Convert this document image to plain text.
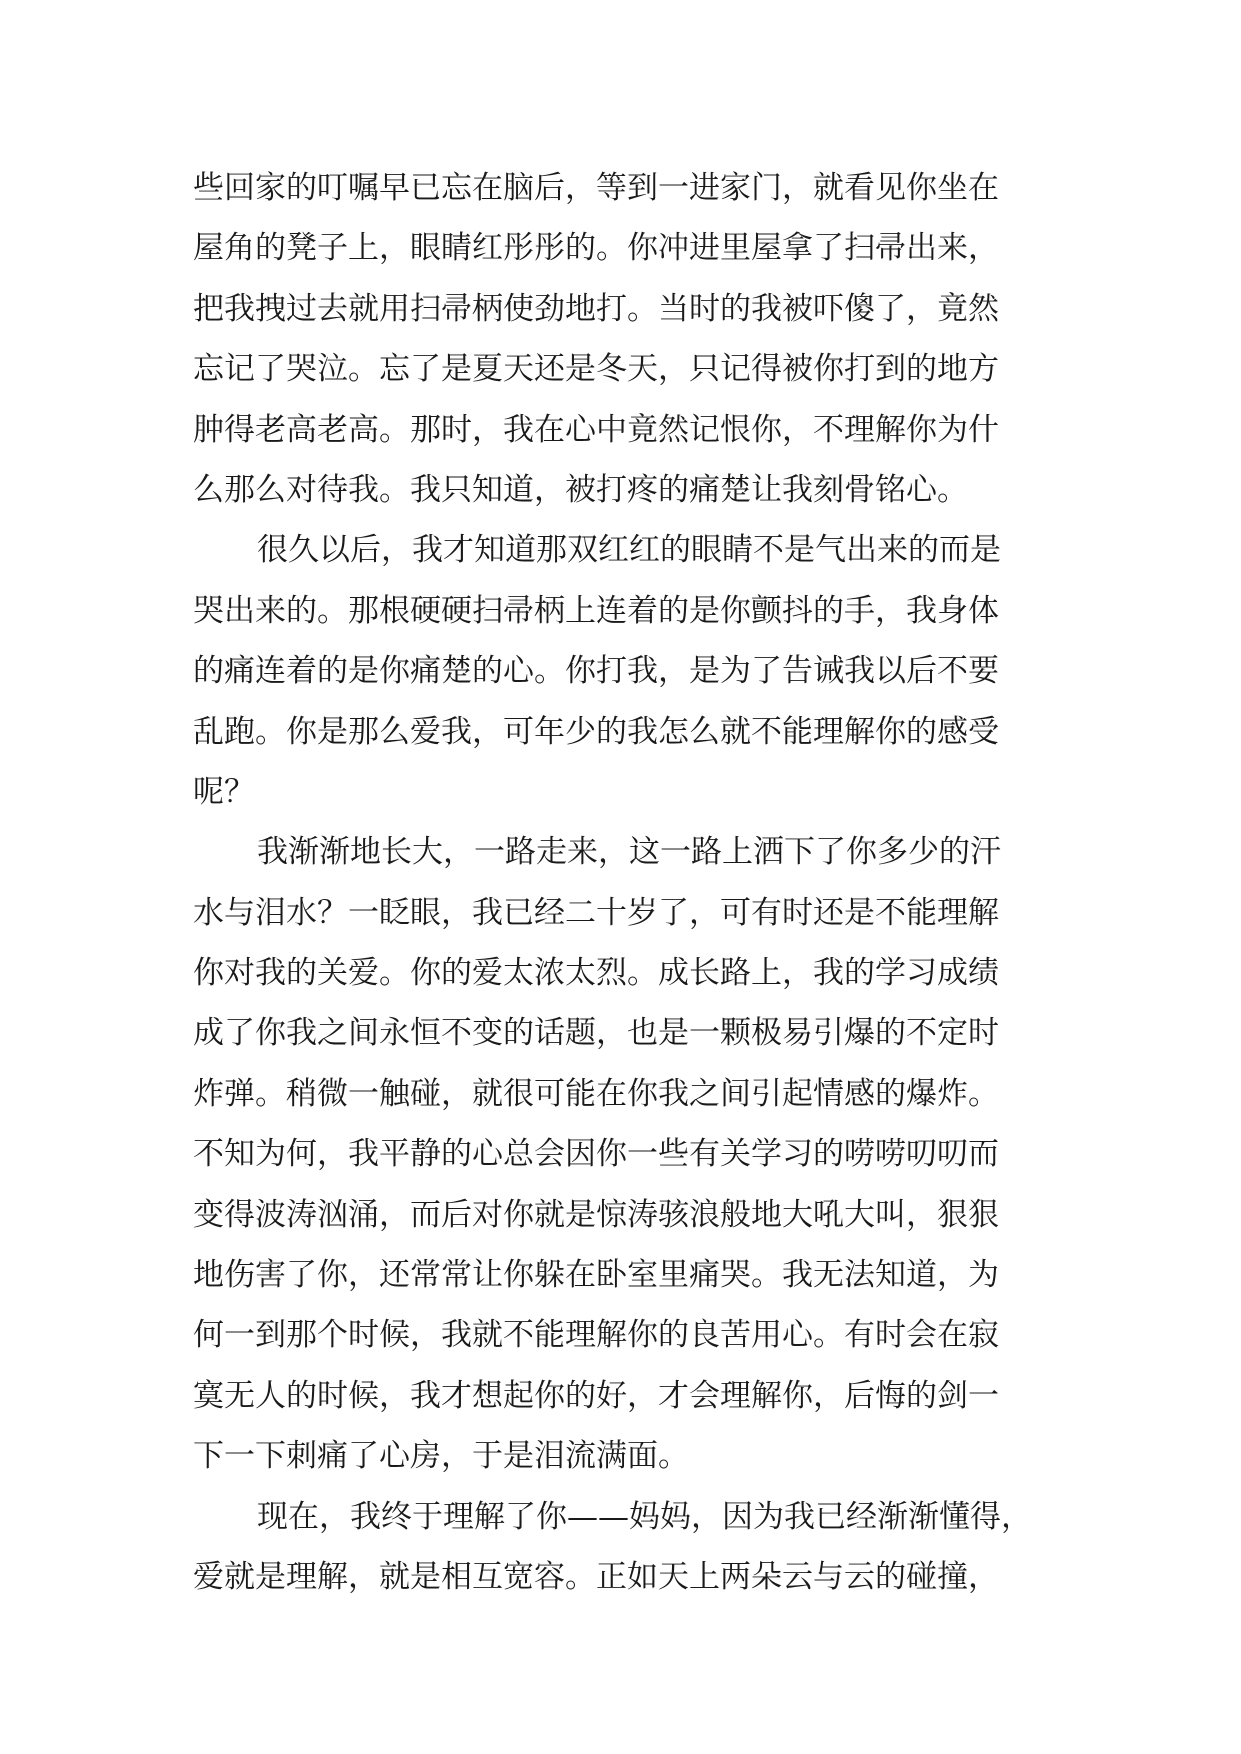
些回家的叮嘱早已忘在脑后，等到一进家门，就看见你坐在
屋角的凳子上，眼睛红彤彤的。你冲进里屋拿了扫帚出来，
把我拽过去就用扫帚柄使劲地打。当时的我被吓傻了，竟然
忘记了哭泣。忘了是夏天还是冬天，只记得被你打到的地方
肿得老高老高。那时，我在心中竟然记恨你，不理解你为什
么那么对待我。我只知道，被打疼的痛楚让我刻骨铭心。
很久以后，我才知道那双红红的眼睛不是气出来的而是
哭出来的。那根硬硬扫帚柄上连着的是你颤抖的手，我身体
的痛连着的是你痛楚的心。你打我，是为了告诫我以后不要
乱跑。你是那么爱我，可年少的我怎么就不能理解你的感受
呢？
我渐渐地长大，一路走来，这一路上洒下了你多少的汗
水与泪水？一眨眼，我已经二十岁了，可有时还是不能理解
你对我的关爱。你的爱太浓太烈。成长路上，我的学习成绩
成了你我之间永恒不变的话题，也是一颗极易引爆的不定时
炸弹。稍微一触碰，就很可能在你我之间引起情感的爆炸。
不知为何，我平静的心总会因你一些有关学习的唠唠叨叨而
变得波涛汹涌，而后对你就是惊涛骇浪般地大吼大叫，狠狠
地伤害了你，还常常让你躲在卧室里痛哭。我无法知道，为
何一到那个时候，我就不能理解你的良苦用心。有时会在寂
寞无人的时候，我才想起你的好，才会理解你，后悔的剑一
下一下刺痛了心房，于是泪流满面。
现在，我终于理解了你——妈妈，因为我已经渐渐懂得，
爱就是理解，就是相互宽容。正如天上两朵云与云的碰撞，
